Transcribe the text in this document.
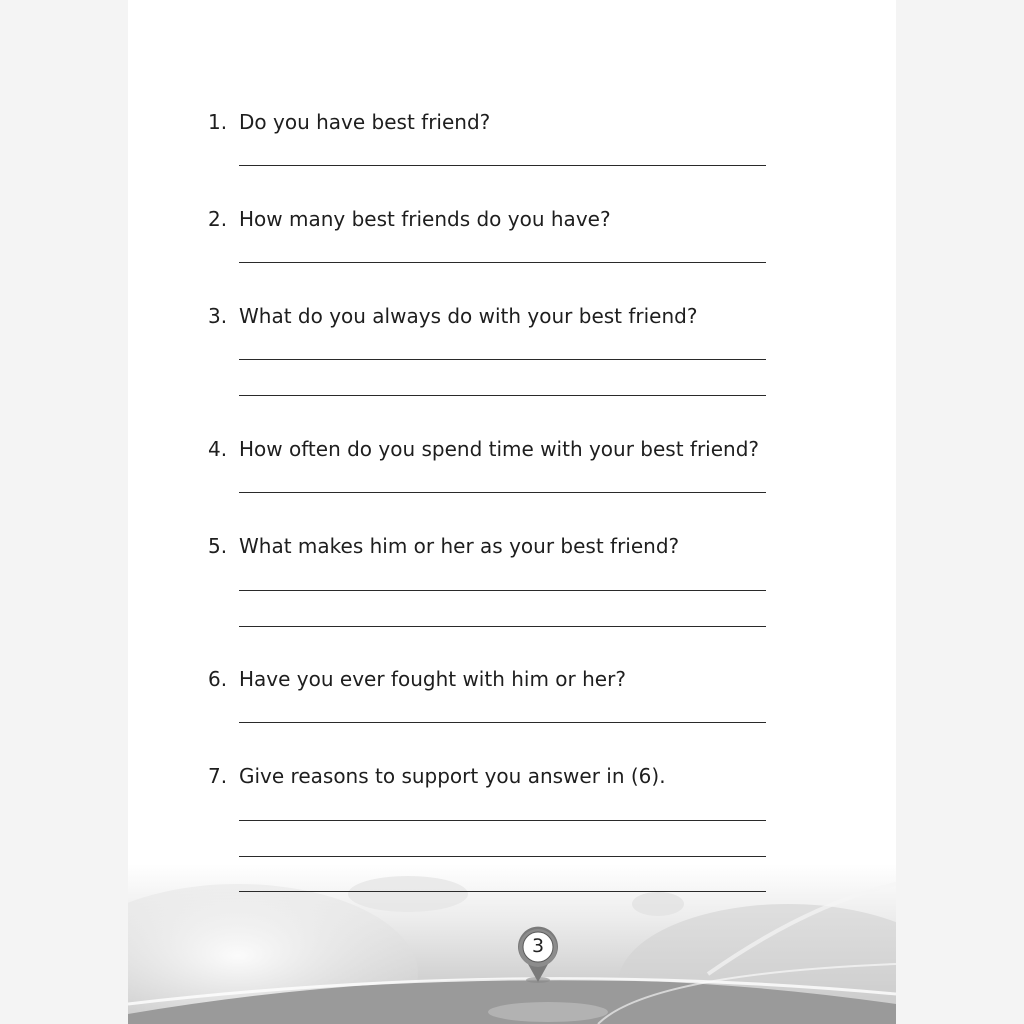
1. Do you have best friend?
2. How many best friends do you have?
3. What do you always do with your best friend?
4. How often do you spend time with your best friend?
5. What makes him or her as your best friend?
6. Have you ever fought with him or her?
7. Give reasons to support you answer in (6).
3
